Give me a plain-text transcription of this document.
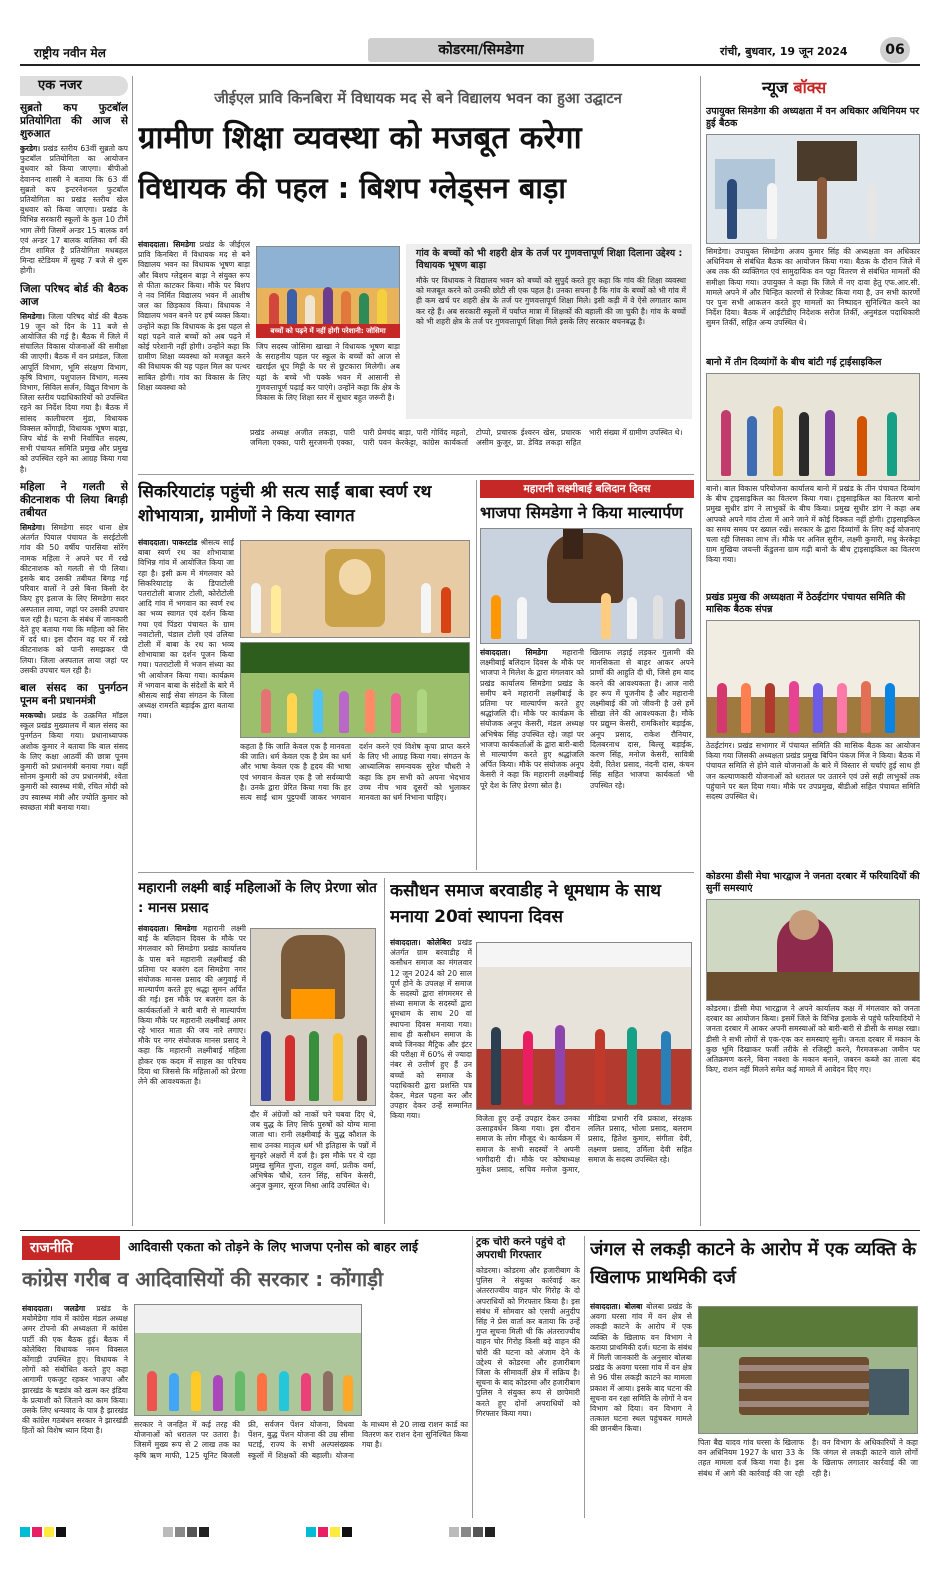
राष्ट्रीय नवीन मेल	कोडरमा/सिमडेगा	रांची, बुधवार, 19 जून 2024	06
एक नजर
सुब्रतो कप फुटबॉल प्रतियोगिता की आज से शुरुआत
कुरडेग। प्रखंड स्तरीय 63वीं सुब्रतो कप फुटबॉल प्रतियोगिता का आयोजन बुधवार को किया जाएगा। बीपीओ देवानन्द शास्त्री ने बताया कि 63 वीं सुब्रतो कप इन्टरनेशनल फुटबॉल प्रतियोगिता का प्रखंड स्तरीय खेल बुधवार को किया जाएगा। प्रखंड के विभिन्न सरकारी स्कूलों के कुल 10 टीमें भाग लेंगी जिसमें अन्डर 15 बालक वर्ग एवं अन्डर 17 बालक बालिका वर्ग की टीम शामिल है प्रतियोगिता मधबहल मिन्दा स्टेडियम में सुबह 7 बजे से शुरू होगी।
जिला परिषद बोर्ड की बैठक आज
सिमडेगा। जिला परिषद बोर्ड की बैठक 19 जून को दिन के 11 बजे से आयोजित की गई है। बैठक में जिले में संचालित विकास योजनाओं की समीक्षा की जाएगी। बैठक में वन प्रमंडल, जिला आपूर्ति विभाग, भूमि संरक्षण विभाग, कृषि विभाग, पशुपालन विभाग, मत्स्य विभाग, सिविल सर्जन, विद्युत विभाग के जिला स्तरीय पदाधिकारियों को उपस्थित रहने का निर्देश दिया गया है। बैठक में सांसद कालीचरण मुंडा, विधायक विक्सल कोंगाड़ी, विधायक भूषण बाड़ा, जिप बोर्ड के सभी निर्वाचित सदस्य, सभी पंचायत समिति प्रमुख और प्रमुख को उपस्थित रहने का आग्रह किया गया है।
महिला ने गलती से कीटनाशक पी लिया बिगड़ी तबीयत
सिमडेगा। सिमडेगा सदर थाना क्षेत्र अंतर्गत पियाल पंचायत के सरईटोली गांव की 50 वर्षीय पारसिया सोरेंग नामक महिला ने अपने घर में रखे कीटनाशक को गलती से पी लिया। इसके बाद उसकी तबीयत बिगड़ गई परिवार वालों ने उसे बिना किसी देर किए हुए इलाज के लिए सिमडेगा सदर अस्पताल लाया, जहां पर उसकी उपचार चल रही है। घटना के संबंध में जानकारी देते हुए बताया गया कि महिला को सिर में दर्द था। इस दौरान वह घर में रखे कीटनाशक को पानी समझकर पी लिया। जिला अस्पताल लाया जहां पर उसकी उपचार चल रही है।
बाल संसद का पुनर्गठन पूनम बनी प्रधानमंत्री
मरकच्चो। प्रखंड के उत्क्रमित मॉडल स्कूल प्रखंड मुख्यालय में बाल संसद का पुनर्गठन किया गया। प्रधानाध्यापक अशोक कुमार ने बताया कि बाल संसद के लिए कक्षा आठवीं की छात्रा पूनम कुमारी को प्रधानमंत्री बनाया गया। वहीं सोनम कुमारी को उप प्रधानमंत्री, श्वेता कुमारी को स्वास्थ्य मंत्री, रचित मोदी को उप स्वास्थ्य मंत्री और ज्योति कुमार को स्वच्छता मंत्री बनाया गया।
जीईएल प्रावि किनबिरा में विधायक मद से बने विद्यालय भवन का हुआ उद्घाटन
ग्रामीण शिक्षा व्यवस्था को मजबूत करेगा
विधायक की पहल : बिशप ग्लेड्सन बाड़ा
संवाददाता। सिमडेगा प्रखंड के जीईएल प्रावि किनबिरा में विधायक मद से बने विद्यालय भवन का विधायक भूषण बाड़ा और बिशप ग्लेड्सन बाड़ा ने संयुक्त रूप से फीता काटकर किया। मौके पर बिशप ने नव निर्मित विद्यालय भवन में आशीष जल का छिड़काव किया। विधायक ने विद्यालय भवन बनने पर हर्ष व्यक्त किया। उन्होंने कहा कि विधायक के इस पहल से यहां पढ़ने वाले बच्चों को अब पढ़ने में कोई परेशानी नहीं होगी। उन्होंने कहा कि ग्रामीण शिक्षा व्यवस्था को मजबूत करने की विधायक की यह पहल मिल का पत्थर साबित होगी। गांव का विकास के लिए शिक्षा व्यवस्था को
बच्चों को पढ़ने में नहीं होगी परेशानी: जोसिमा
जिप सदस्य जोसिमा खाखा ने विधायक भूषण बाड़ा के सराहनीय पहल पर स्कूल के बच्चों को आज से खराईल धूप मिट्टी के घर से छुटकारा मिलेगी। अब यहां के बच्चे भी पक्के भवन में आसानी से गुणवत्तापूर्ण पढ़ाई कर पाएंगे। उन्होंने कहा कि क्षेत्र के विकास के लिए शिक्षा स्तर में सुधार बहुत जरूरी है।
गांव के बच्चों को भी शहरी क्षेत्र के तर्ज पर गुणवत्तापूर्ण शिक्षा दिलाना उद्देश्य : विधायक भूषण बाड़ा
मौके पर विधायक ने विद्यालय भवन को बच्चों को सुपुर्द करते हुए कहा कि गांव की शिक्षा व्यवस्था को मजबूत करने को उनकी छोटी सी एक पहल है। उनका सपना है कि गांव के बच्चों को भी गांव में ही कम खर्च पर शहरी क्षेत्र के तर्ज पर गुणवत्तापूर्ण शिक्षा मिले। इसी कड़ी में वे ऐसे लगातार काम कर रहे हैं। अब सरकारी स्कूलों में पर्याप्त मात्रा में शिक्षकों की बहाली की जा चुकी है। गांव के बच्चों को भी शहरी क्षेत्र के तर्ज पर गुणवत्तापूर्ण शिक्षा मिले इसके लिए सरकार बचनबद्ध है।
प्रखंड अध्यक्ष अजीत लकड़ा, पारी जमिला एक्का, पारी सुरजमनी एक्का, पारी प्रेमचंद बाड़ा, पारी गोविंद महतो, पारी पवन केरकेट्टा, कांग्रेस कार्यकर्ता टोप्पो, प्रचारक ईश्वरन खेस, प्रचारक असीम कुजूर, प्रा. डेविड लकड़ा सहित भारी संख्या में ग्रामीण उपस्थित थे।
न्यूज बॉक्स
उपायुक्त सिमडेगा की अध्यक्षता में वन अधिकार अधिनियम पर हुई बैठक
सिमडेगा। उपायुक्त सिमडेगा अजय कुमार सिंह की अध्यक्षता वन अधिकार अधिनियम से संबंधित बैठक का आयोजन किया गया। बैठक के दौरान जिले में अब तक की व्यक्तिगत एवं सामुदायिक वन पट्टा वितरण से संबंधित मामलों की समीक्षा किया गया। उपायुक्त ने कहा कि जिले में नए दावा हेतु एफ.आर.सी. मामले अपने में और चिन्हित कारणों से रिजेक्ट किया गया है, उन सभी कारणों पर पुनः सभी आकलन करते हुए मामलों का निष्पादन सुनिश्चित करने का निर्देश दिया। बैठक में आईटीडीए निदेशक सरोज तिर्की, अनुमंडल पदाधिकारी सुमन तिर्की, सहित अन्य उपस्थित थे।
बानो में तीन दिव्यांगों के बीच बांटी गई ट्राईसाइकिल
बानो। बाल विकास परियोजना कार्यालय बानो में प्रखंड के तीन पंचायत दिव्यांग के बीच ट्राइसाइकिल का वितरण किया गया। ट्राइसाइकिल का वितरण बानो प्रमुख सुधीर डांग ने लाभुकों के बीच किया। प्रमुख सुधीर डांग ने कहा अब आपको अपने गांव टोला में आने जाने में कोई दिक्कत नहीं होगी। ट्राइसाइकिल का समय समय पर ख्याल रखें। सरकार के द्वारा दिव्यांगों के लिए कई योजनाएं चला रही जिसका लाभ लें। मौके पर अनिल सुरीन, लक्ष्मी कुमारी, मधु केरकेट्टा ग्राम मुखिया जयन्ती केंडुलना ग्राम गढ़ी बानो के बीच ट्राइसाइकिल का वितरण किया गया।
प्रखंड प्रमुख की अध्यक्षता में ठेठईटांगर पंचायत समिति की मासिक बैठक संपन्न
ठेठईटांगर। प्रखंड सभागार में पंचायत समिति की मासिक बैठक का आयोजन किया गया जिसकी अध्यक्षता प्रखंड प्रमुख बिपिन पंकज मिंज ने किया। बैठक में पंचायत समिति से होने वाले योजनाओं के बारे में विस्तार से चर्चाएं हुई साथ ही जन कल्याणकारी योजनाओं को धरातल पर उतारने एवं उसे सही लाभुकों तक पहुंचाने पर बल दिया गया। मौके पर उपप्रमुख, बीडीओ सहित पंचायत समिति सदस्य उपस्थित थे।
कोडरमा डीसी मेघा भारद्वाज ने जनता दरबार में फरियादियों की सुनीं समस्याएं
कोडरमा। डीसी मेघा भारद्वाज ने अपने कार्यालय कक्ष में मंगलवार को जनता दरबार का आयोजन किया। इसमें जिले के विभिन्न इलाके से पहुंचे फरियादियों ने जनता दरबार में आकर अपनी समस्याओं को बारी-बारी से डीसी के समक्ष रखा। डीसी ने सभी लोगों से एक-एक कर समस्याएं सुनी। जनता दरबार में मकान के कुछ भूमि दिखाकर फर्जी तरीके से रजिस्ट्री करने, गैरमजरूआ जमीन पर अतिक्रमण करने, बिना नक्शा के मकान बनाने, जबरन कब्जे का ताला बंद किए, राशन नहीं मिलने समेत कई मामले में आवेदन दिए गए।
सिकरियाटांड़ पहुंची श्री सत्य साईं बाबा स्वर्ण रथ शोभायात्रा, ग्रामीणों ने किया स्वागत
संवाददाता। पाकरटांड श्रीसत्य साईं बाबा स्वर्ण रथ का शोभायात्रा विभिन्न गांव में आयोजित किया जा रहा है। इसी क्रम में मंगलवार को सिकरियाटांड़ के डिपाटोली पतराटोली बाजार टोली, कोरोटोली आदि गांव में भगवान का स्वर्ण रथ का भव्य स्वागत एवं दर्शन किया गया एवं पिंडरा पंचायत के ग्राम नवाटोली, चंडाल टोली एवं उलिया टोली में बाबा के रथ का भव्य शोभायात्रा का दर्शन पूजन किया गया। पतराटोली में भजन संध्या का भी आयोजन किया गया। कार्यक्रम में भगवान बाबा के संदेशों के बारे में श्रीसत्य साईं सेवा संगठन के जिला अध्यक्ष रामरति बड़ाईक द्वारा बताया गया।
कहता है कि जाति केवल एक है मानवता की जाति। धर्म केवल एक है प्रेम का धर्म और भाषा केवल एक है हृदय की भाषा एवं भगवान केवल एक है जो सर्वव्यापी है। उनके द्वारा प्रेरित किया गया कि हर सत्य साईं धाम पुट्टपर्थी जाकर भगवान दर्शन करने एवं विशेष कृपा प्राप्त करने के लिए भी आग्रह किया गया। संगठन के आध्यात्मिक समन्वयक सुरेश चौधरी ने कहा कि हम सभी को अपना भेदभाव उच्च नीच भाव दूसरों को भुलाकर मानवता का धर्म निभाना चाहिए।
महारानी लक्ष्मीबाई बलिदान दिवस
भाजपा सिमडेगा ने किया माल्यार्पण
संवाददाता। सिमडेगा महारानी लक्ष्मीबाई बलिदान दिवस के मौके पर भाजपा ने मिलेश के द्वारा मंगलवार को प्रखंड कार्यालय सिमडेगा प्रखंड के समीप बने महारानी लक्ष्मीबाई के प्रतिमा पर माल्यार्पण करते हुए श्रद्धांजलि दी। मौके पर कार्यक्रम के संयोजक अनूप केसरी, मंडल अध्यक्ष अभिषेक सिंह उपस्थित रहे। जहां पर भाजपा कार्यकर्ताओं के द्वारा बारी-बारी से माल्यार्पण करते हुए श्रद्धांजलि अर्पित किया। मौके पर संयोजक अनूप केसरी ने कहा कि महारानी लक्ष्मीबाई पूरे देश के लिए प्रेरणा स्रोत है।
खिलाफ लड़ाई लड़कर गुलामी की मानसिकता से बाहर आकर अपने प्राणों की आहुति दी थी, जिसे हम याद करने की आवश्यकता है। आज नारी हर रूप में पूजनीय है और महारानी लक्ष्मीबाई की जो जीवनी है उसे हमें सीखा लेने की आवश्यकता है। मौके पर प्रद्युम्न केसरी, रामकिशोर बड़ाईक, अनूप प्रसाद, राकेश रौनियार, दिलबरनाथ दास, बिल्लू बड़ाईक, करण सिंह, मनोज केसरी, सावित्री देवी, रितेश प्रसाद, नंदनी दास, कंचन सिंह सहित भाजपा कार्यकर्ता भी उपस्थित रहे।
महारानी लक्ष्मी बाई महिलाओं के लिए प्रेरणा स्रोत : मानस प्रसाद
संवाददाता। सिमडेगा महारानी लक्ष्मी बाई के बलिदान दिवस के मौके पर मंगलवार को सिमडेगा प्रखंड कार्यालय के पास बने महारानी लक्ष्मीबाई की प्रतिमा पर बजरंग दल सिमडेगा नगर संयोजक मानस प्रसाद की अगुवाई में माल्यार्पण करते हुए श्रद्धा सुमन अर्पित की गई। इस मौके पर बजरंग दल के कार्यकर्ताओं ने बारी बारी से माल्यार्पण किया मौके पर महारानी लक्ष्मीबाई अमर रहे भारत माता की जय नारे लगाए। मौके पर नगर संयोजक मानस प्रसाद ने कहा कि महारानी लक्ष्मीबाई महिला होकर एक कदम में साहस का परिचय दिया था जिससे कि महिलाओं को प्रेरणा लेने की आवश्यकता है।
दौर में अंग्रेजों को नाकों चने चबवा दिए थे, जब युद्ध के लिए सिर्फ पुरुषों को योग्य माना जाता था। रानी लक्ष्मीबाई के युद्ध कौशल के साथ उनका मातृत्व धर्म भी इतिहास के पन्नों में सुनहरे अक्षरों में दर्ज है। इस मौके पर ये रहा प्रमुख सुमित गुप्ता, राहुल वर्मा, प्रतीक वर्मा, अभिषेक चौधे, रतन सिंह, सचिन केसरी, अनुज कुमार, सूरज मिश्रा आदि उपस्थित थे।
कसौधन समाज बरवाडीह ने धूमधाम के साथ मनाया 20वां स्थापना दिवस
संवाददाता। कोलेबिरा प्रखंड अंतर्गत ग्राम बरवाडीह में कसौधन समाज का मंगलवार 12 जून 2024 को 20 साल पूर्ण होने के उपलक्ष में समाज के सदस्यों द्वारा संगमरमर से संध्या समाज के सदस्यों द्वारा धूमधाम के साथ 20 वां स्थापना दिवस मनाया गया। साथ ही कसौधन समाज के बच्चे जिनका मैट्रिक और इंटर की परीक्षा में 60% से ज्यादा नंबर से उत्तीर्ण हुए हैं उन बच्चों को समाज के पदाधिकारी द्वारा प्रशस्ति पत्र देकर, मेडल पहना कर और उपहार देकर उन्हें सम्मानित किया गया।	विजेता हुए उन्हें उपहार देकर उनका उत्साहवर्धन किया गया। इस दौरान समाज के लोग मौजूद थे। कार्यक्रम में समाज के सभी सदस्यों ने अपनी भागीदारी दी। मौके पर कोषाध्यक्ष मुकेश प्रसाद, सचिव मनोज कुमार, मीडिया प्रभारी रवि प्रकाश, संरक्षक ललित प्रसाद, भोला प्रसाद, बलराम प्रसाद, हितेश कुमार, संगीता देवी, लक्ष्मण प्रसाद, उर्मिला देवी सहित समाज के सदस्य उपस्थित रहे।
राजनीति	आदिवासी एकता को तोड़ने के लिए भाजपा एनोस को बाहर लाई
कांग्रेस गरीब व आदिवासियों की सरकार : कोंगाड़ी
संवाददाता। जलडेगा प्रखंड के मयोमेडेगा गांव में कांग्रेस मंडल अध्यक्ष अमर टोपनो की अध्यक्षता में कांग्रेस पार्टी की एक बैठक हुई। बैठक में कोलेबिरा विधायक नमन विक्सल कोंगाड़ी उपस्थित हुए। विधायक ने लोगों को संबोधित करते हुए कहा आगामी एकजुट रहकर भाजपा और झारखंड के षड्यंत्र को खत्म कर इंडिया के प्रत्याशी को जिताने का काम किया। उसके लिए धन्यवाद के पात्र है झारखंड की कांग्रेस गठबंधन सरकार ने झारखंडी हितों को विशेष ध्यान दिया है।
सरकार ने जनहित में कई तरह की योजनाओं को धरातल पर उतारा है। जिसमें मुख्य रूप से 2 लाख तक का कृषि ऋण माफी, 125 यूनिट बिजली फ्री, सर्वजन पेंशन योजना, विधवा पेंशन, बुद्ध पेंशन योजना की उम्र सीमा घटाई, राज्य के सभी अल्पसंख्यक स्कूलों में शिक्षकों की बहाली। योजना के माध्यम से 20 लाख राशन कार्ड का वितरण कर राशन देना सुनिश्चित किया गया है।
ट्रक चोरी करने पहुंचे दो अपराधी गिरफ्तार
कोडरमा। कोडरमा और हजारीबाग के पुलिस ने संयुक्त कार्रवाई कर अंतरराज्यीय वाहन चोर गिरोह के दो अपराधियों को गिरफ्तार किया है। इस संबंध में सोमवार को एसपी अनुदीप सिंह ने प्रेस वार्ता कर बताया कि उन्हें गुप्त सूचना मिली थी कि अंतरराज्यीय वाहन चोर गिरोह किसी बड़े वाहन की चोरी की घटना को अंजाम देने के उद्देश्य से कोडरमा और हजारीबाग जिला के सीमावर्ती क्षेत्र में सक्रिय है। सूचना के बाद कोडरमा और हजारीबाग पुलिस ने संयुक्त रूप से छापेमारी करते हुए दोनों अपराधियों को गिरफ्तार किया गया।
जंगल से लकड़ी काटने के आरोप में एक व्यक्ति के खिलाफ प्राथमिकी दर्ज
संवाददाता। बोलबा बोलबा प्रखंड के अवगा घरसा गांव में वन क्षेत्र से लकड़ी काटने के आरोप में एक व्यक्ति के खिलाफ वन विभाग ने कराया प्राथमिकी दर्ज। घटना के संबंध में मिली जानकारी के अनुसार बोलबा प्रखंड के अवगा घरसा गांव में वन क्षेत्र से 96 पीस लकड़ी काटने का मामला प्रकाश में आया। इसके बाद घटना की सूचना वन रक्षा समिति के लोगों ने वन विभाग को दिया। वन विभाग ने तत्काल घटना स्थल पहुंचकर मामले की छानबीन किया।
पिता बैद्य यादव गांव घरसा के खिलाफ वन अधिनियम 1927 के धारा 33 के तहत मामला दर्ज किया गया है। इस संबंध में आगे की कार्रवाई की जा रही है। वन विभाग के अधिकारियों ने कहा कि जंगल से लकड़ी काटने वाले लोगों के खिलाफ लगातार कार्रवाई की जा रही है।
